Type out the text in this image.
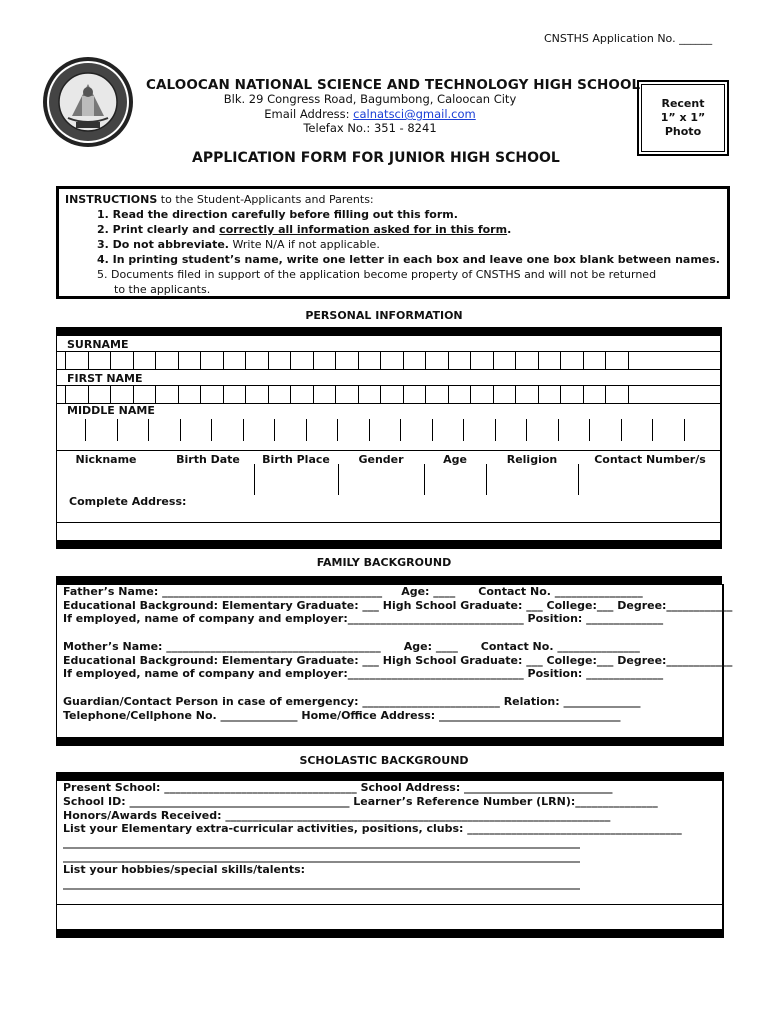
CNSTHS Application No. ______
CALOOCAN NATIONAL SCIENCE AND TECHNOLOGY HIGH SCHOOL
Blk. 29 Congress Road, Bagumbong, Caloocan City
Email Address: calnatsci@gmail.com
Telefax No.: 351 - 8241
Recent
1” x 1”
Photo
APPLICATION FORM FOR JUNIOR HIGH SCHOOL
INSTRUCTIONS to the Student-Applicants and Parents:
1. Read the direction carefully before filling out this form.
2. Print clearly and correctly all information asked for in this form.
3. Do not abbreviate. Write N/A if not applicable.
4. In printing student’s name, write one letter in each box and leave one box blank between names.
5. Documents filed in support of the application become property of CNSTHS and will not be returned
to the applicants.
PERSONAL INFORMATION
SURNAME
FIRST NAME
MIDDLE NAME
Nickname	Birth Date	Birth Place	Gender	Age	Religion	Contact Number/s
Complete Address:
FAMILY BACKGROUND
Father’s Name: ________________________________________     Age: ____      Contact No. ________________
Educational Background: Elementary Graduate: ___ High School Graduate: ___ College:___ Degree:____________
If employed, name of company and employer:________________________________ Position: ______________
Mother’s Name: _______________________________________      Age: ____      Contact No. _______________
Educational Background: Elementary Graduate: ___ High School Graduate: ___ College:___ Degree:____________
If employed, name of company and employer:________________________________ Position: ______________
Guardian/Contact Person in case of emergency: _________________________ Relation: ______________
Telephone/Cellphone No. ______________ Home/Office Address: _________________________________
SCHOLASTIC BACKGROUND
Present School: ___________________________________ School Address: ___________________________
School ID: ________________________________________ Learner’s Reference Number (LRN):_______________
Honors/Awards Received: ______________________________________________________________________
List your Elementary extra-curricular activities, positions, clubs: _______________________________________
______________________________________________________________________________________________
______________________________________________________________________________________________
List your hobbies/special skills/talents:
______________________________________________________________________________________________
